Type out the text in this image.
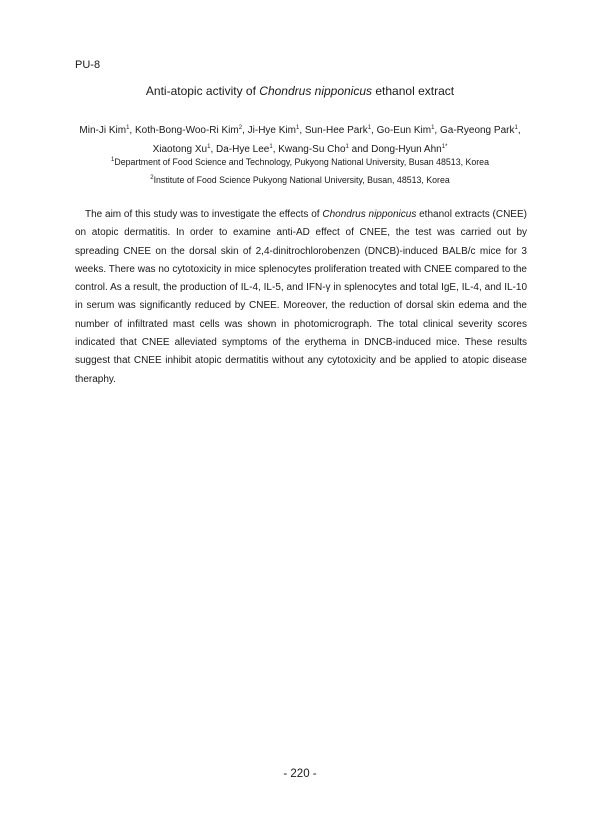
PU-8
Anti-atopic activity of Chondrus nipponicus ethanol extract
Min-Ji Kim$^1$, Koth-Bong-Woo-Ri Kim$^2$, Ji-Hye Kim$^1$, Sun-Hee Park$^1$, Go-Eun Kim$^1$, Ga-Ryeong Park$^1$,
Xiaotong Xu$^1$, Da-Hye Lee$^1$, Kwang-Su Cho$^1$ and Dong-Hyun Ahn$^{1*}$
$^1$Department of Food Science and Technology, Pukyong National University, Busan 48513, Korea
$^2$Institute of Food Science Pukyong National University, Busan, 48513, Korea

The aim of this study was to investigate the effects of Chondrus nipponicus ethanol extracts (CNEE) on atopic dermatitis. In order to examine anti-AD effect of CNEE, the test was carried out by spreading CNEE on the dorsal skin of 2,4-dinitrochlorobenzen (DNCB)-induced BALB/c mice for 3 weeks. There was no cytotoxicity in mice splenocytes proliferation treated with CNEE compared to the control. As a result, the production of IL-4, IL-5, and IFN-γ in splenocytes and total IgE, IL-4, and IL-10 in serum was significantly reduced by CNEE. Moreover, the reduction of dorsal skin edema and the number of infiltrated mast cells was shown in photomicrograph. The total clinical severity scores indicated that CNEE alleviated symptoms of the erythema in DNCB-induced mice. These results suggest that CNEE inhibit atopic dermatitis without any cytotoxicity and be applied to atopic disease theraphy.

- 220 -
